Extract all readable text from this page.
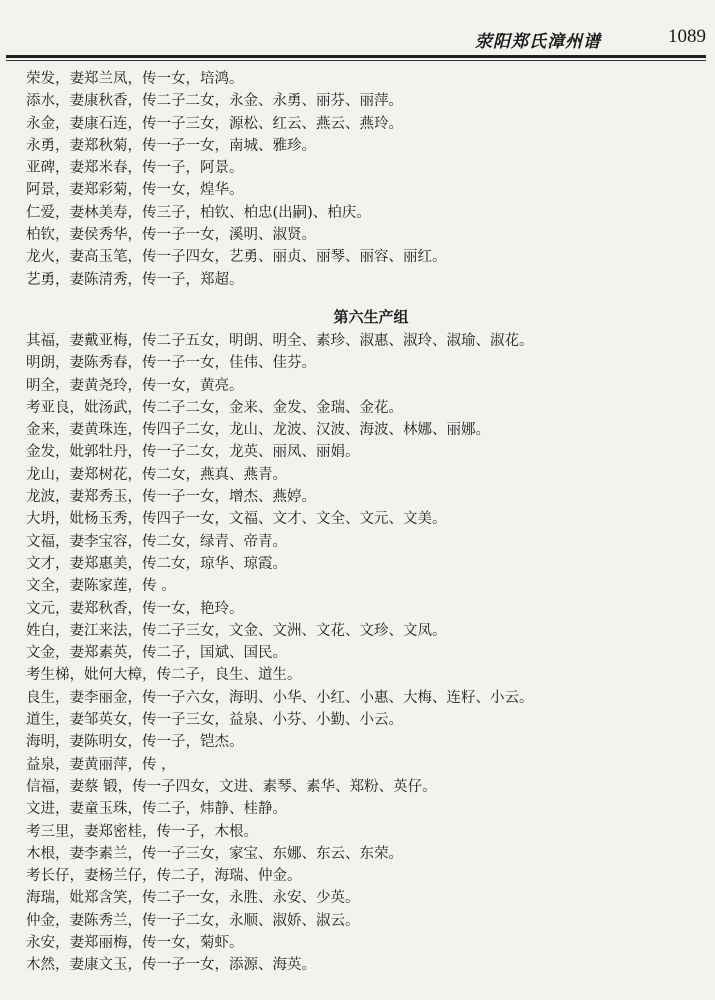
荥阳郑氏漳州谱	1089
荣发，妻郑兰凤，传一女，培鸿。
添水，妻康秋香，传二子二女，永金、永勇、丽芬、丽萍。
永金，妻康石连，传一子三女，源松、红云、燕云、燕玲。
永勇，妻郑秋菊，传一子一女，南城、雅珍。
亚碑，妻郑米春，传一子，阿景。
阿景，妻郑彩菊，传一女，煌华。
仁爱，妻林美寿，传三子，柏钦、柏忠(出嗣)、柏庆。
柏钦，妻侯秀华，传一子一女，溪明、淑贤。
龙火，妻高玉笔，传一子四女，艺勇、丽贞、丽琴、丽容、丽红。
艺勇，妻陈清秀，传一子，郑超。
第六生产组
其福，妻戴亚梅，传二子五女，明朗、明全、素珍、淑惠、淑玲、淑瑜、淑花。
明朗，妻陈秀春，传一子一女，佳伟、佳芬。
明全，妻黄尧玲，传一女，黄亮。
考亚良，妣汤武，传二子二女，金来、金发、金瑞、金花。
金来，妻黄珠连，传四子二女，龙山、龙波、汉波、海波、林娜、丽娜。
金发，妣郭牡丹，传一子二女，龙英、丽凤、丽娟。
龙山，妻郑树花，传二女，燕真、燕青。
龙波，妻郑秀玉，传一子一女，增杰、燕婷。
大坍，妣杨玉秀，传四子一女，文福、文才、文全、文元、文美。
文福，妻李宝容，传二女，绿青、帝青。
文才，妻郑惠美，传二女，琼华、琼霞。
文全，妻陈家莲，传 。
文元，妻郑秋香，传一女，艳玲。
姓白，妻江来法，传二子三女，文金、文洲、文花、文珍、文凤。
文金，妻郑素英，传二子，国斌、国民。
考生梯，妣何大樟，传二子，良生、道生。
良生，妻李丽金，传一子六女，海明、小华、小红、小惠、大梅、连籽、小云。
道生，妻邹英女，传一子三女，益泉、小芬、小勤、小云。
海明，妻陈明女，传一子，铠杰。
益泉，妻黄丽萍，传 ，
信福，妻蔡 锻，传一子四女，文进、素琴、素华、郑粉、英仔。
文进，妻童玉珠，传二子，炜静、桂静。
考三里，妻郑密桂，传一子，木根。
木根，妻李素兰，传一子三女，家宝、东娜、东云、东荣。
考长仔，妻杨兰仔，传二子，海瑞、仲金。
海瑞，妣郑含笑，传二子一女，永胜、永安、少英。
仲金，妻陈秀兰，传一子二女，永顺、淑娇、淑云。
永安，妻郑丽梅，传一女，菊虾。
木然，妻康文玉，传一子一女，添源、海英。
